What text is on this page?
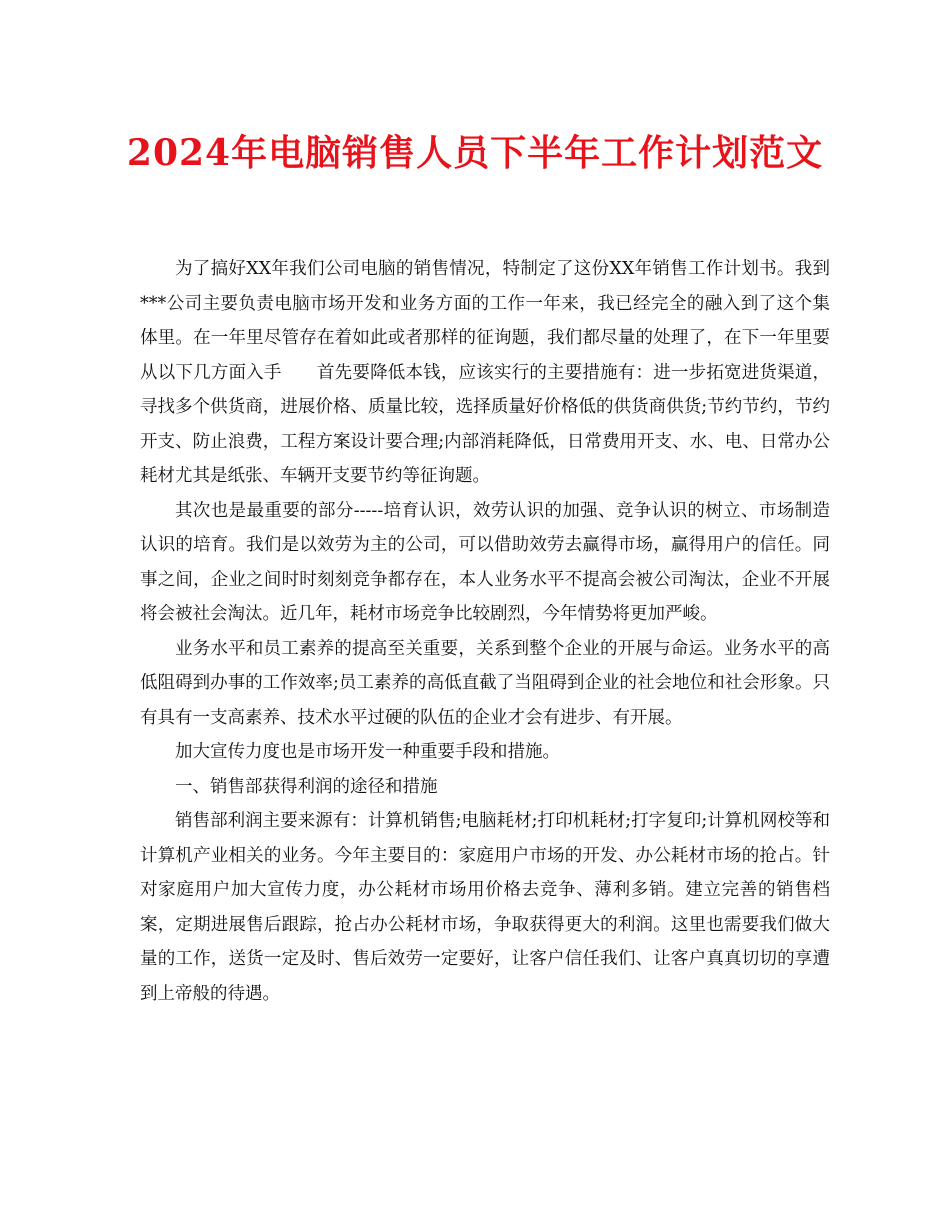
2024年电脑销售人员下半年工作计划范文

为了搞好XX年我们公司电脑的销售情况，特制定了这份XX年销售工作计划书。我到***公司主要负责电脑市场开发和业务方面的工作一年来，我已经完全的融入到了这个集体里。在一年里尽管存在着如此或者那样的征询题，我们都尽量的处理了，在下一年里要从以下几方面入手　　首先要降低本钱，应该实行的主要措施有：进一步拓宽进货渠道，寻找多个供货商，进展价格、质量比较，选择质量好价格低的供货商供货;节约节约，节约开支、防止浪费，工程方案设计要合理;内部消耗降低，日常费用开支、水、电、日常办公耗材尤其是纸张、车辆开支要节约等征询题。

其次也是最重要的部分-----培育认识，效劳认识的加强、竞争认识的树立、市场制造认识的培育。我们是以效劳为主的公司，可以借助效劳去赢得市场，赢得用户的信任。同事之间，企业之间时时刻刻竞争都存在，本人业务水平不提高会被公司淘汰，企业不开展将会被社会淘汰。近几年，耗材市场竞争比较剧烈，今年情势将更加严峻。

业务水平和员工素养的提高至关重要，关系到整个企业的开展与命运。业务水平的高低阻碍到办事的工作效率;员工素养的高低直截了当阻碍到企业的社会地位和社会形象。只有具有一支高素养、技术水平过硬的队伍的企业才会有进步、有开展。

加大宣传力度也是市场开发一种重要手段和措施。

一、销售部获得利润的途径和措施

销售部利润主要来源有：计算机销售;电脑耗材;打印机耗材;打字复印;计算机网校等和计算机产业相关的业务。今年主要目的：家庭用户市场的开发、办公耗材市场的抢占。针对家庭用户加大宣传力度，办公耗材市场用价格去竞争、薄利多销。建立完善的销售档案，定期进展售后跟踪，抢占办公耗材市场，争取获得更大的利润。这里也需要我们做大量的工作，送货一定及时、售后效劳一定要好，让客户信任我们、让客户真真切切的享遭到上帝般的待遇。
